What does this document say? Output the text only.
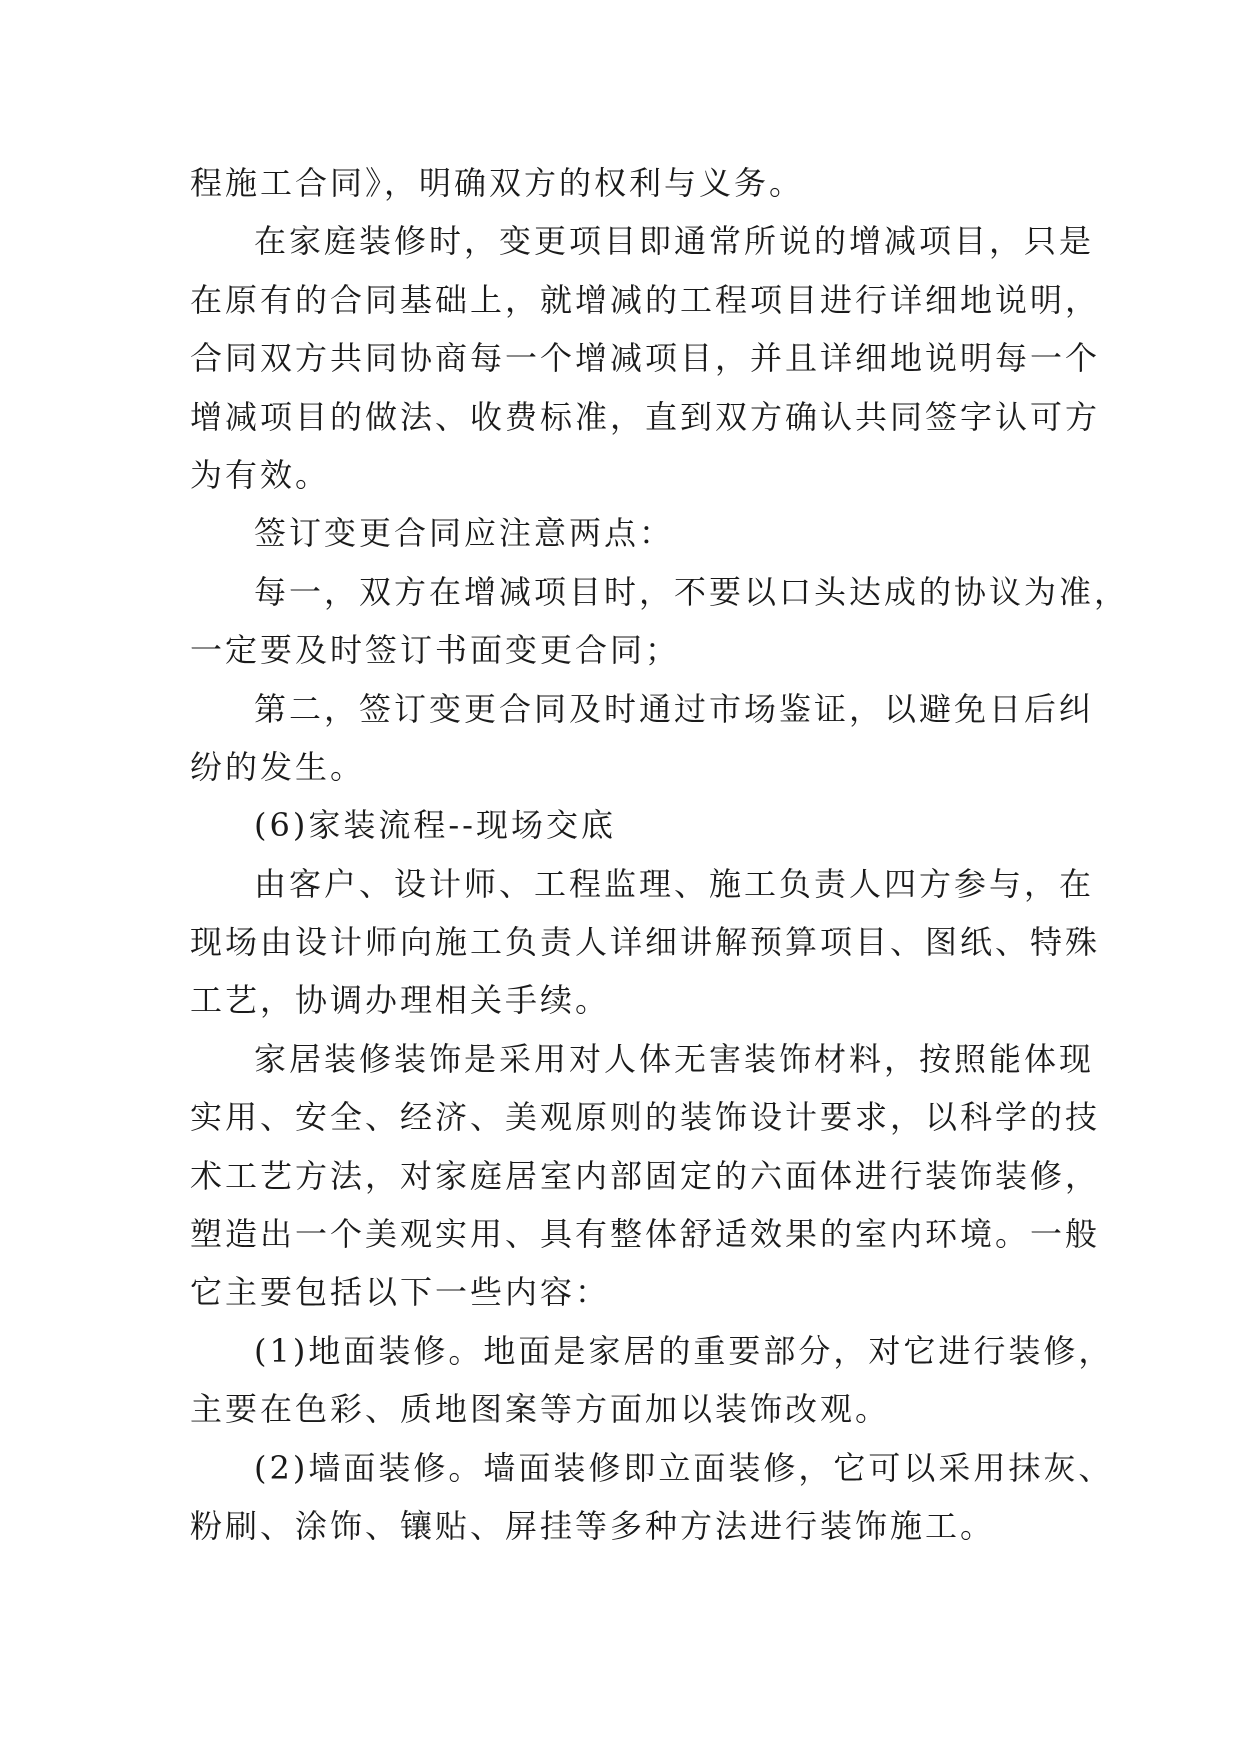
程施工合同》，明确双方的权利与义务。
在家庭装修时，变更项目即通常所说的增减项目，只是
在原有的合同基础上，就增减的工程项目进行详细地说明，
合同双方共同协商每一个增减项目，并且详细地说明每一个
增减项目的做法、收费标准，直到双方确认共同签字认可方
为有效。
签订变更合同应注意两点：
每一，双方在增减项目时，不要以口头达成的协议为准，
一定要及时签订书面变更合同；
第二，签订变更合同及时通过市场鉴证，以避免日后纠
纷的发生。
(6)家装流程--现场交底
由客户、设计师、工程监理、施工负责人四方参与，在
现场由设计师向施工负责人详细讲解预算项目、图纸、特殊
工艺，协调办理相关手续。
家居装修装饰是采用对人体无害装饰材料，按照能体现
实用、安全、经济、美观原则的装饰设计要求，以科学的技
术工艺方法，对家庭居室内部固定的六面体进行装饰装修，
塑造出一个美观实用、具有整体舒适效果的室内环境。一般
它主要包括以下一些内容：
(1)地面装修。地面是家居的重要部分，对它进行装修，
主要在色彩、质地图案等方面加以装饰改观。
(2)墙面装修。墙面装修即立面装修，它可以采用抹灰、
粉刷、涂饰、镶贴、屏挂等多种方法进行装饰施工。
